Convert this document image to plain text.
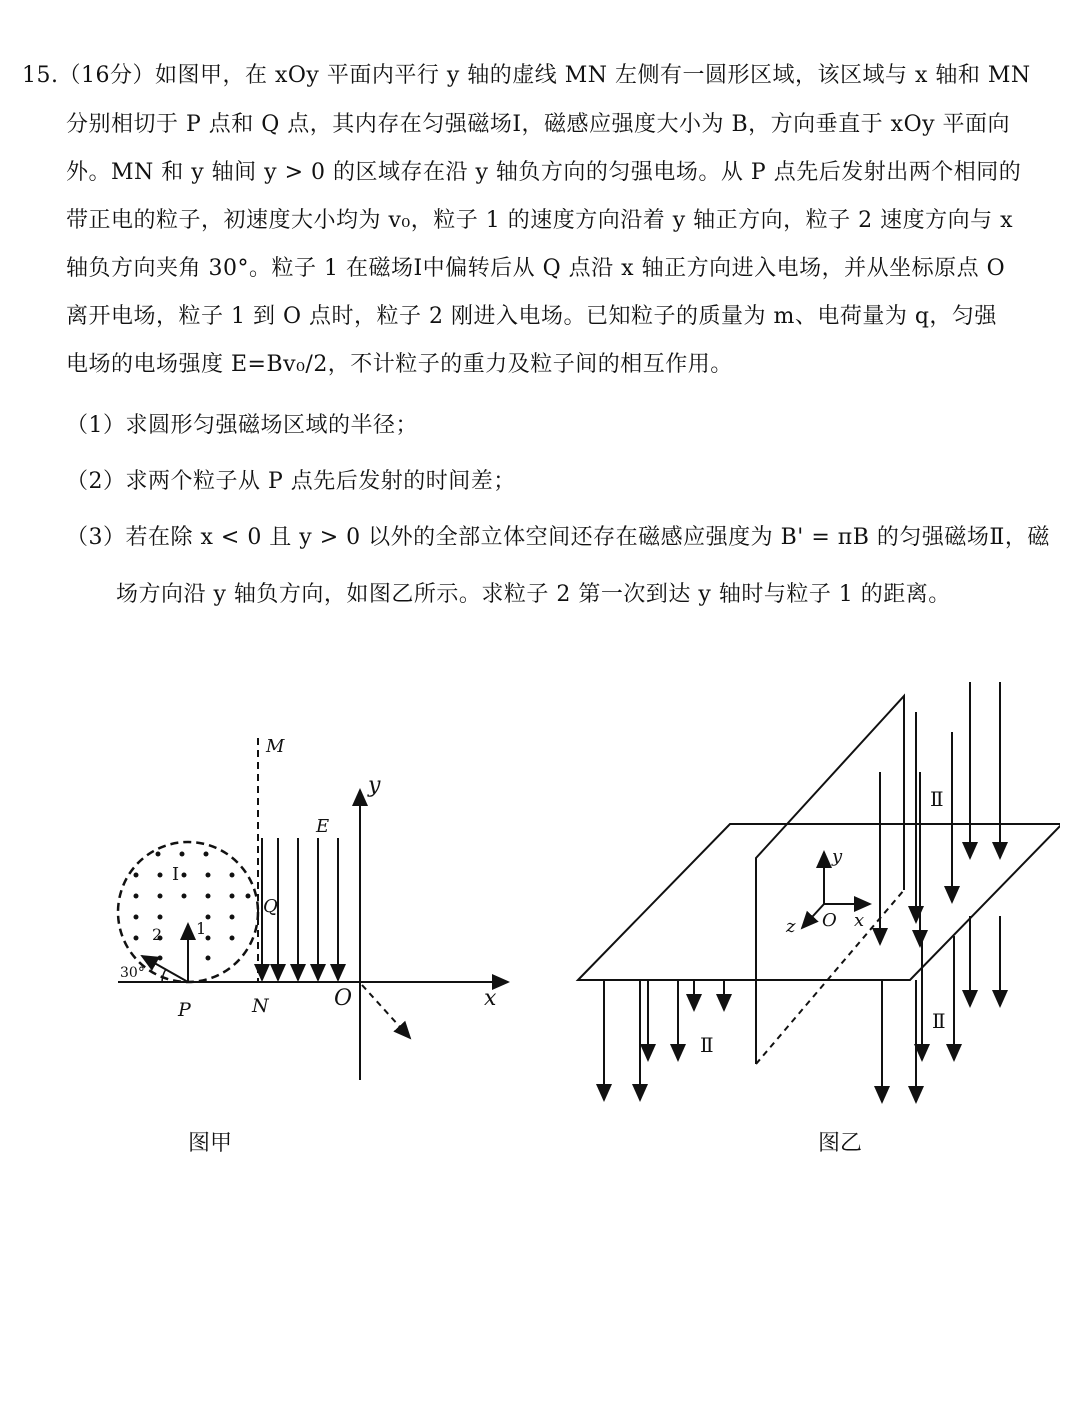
15.（16分）如图甲，在 xOy 平面内平行 y 轴的虚线 MN 左侧有一圆形区域，该区域与 x 轴和 MN
分别相切于 P 点和 Q 点，其内存在匀强磁场Ⅰ，磁感应强度大小为 B，方向垂直于 xOy 平面向
外。MN 和 y 轴间 y > 0 的区域存在沿 y 轴负方向的匀强电场。从 P 点先后发射出两个相同的
带正电的粒子，初速度大小均为 v₀，粒子 1 的速度方向沿着 y 轴正方向，粒子 2 速度方向与 x
轴负方向夹角 30°。粒子 1 在磁场Ⅰ中偏转后从 Q 点沿 x 轴正方向进入电场，并从坐标原点 O
离开电场，粒子 1 到 O 点时，粒子 2 刚进入电场。已知粒子的质量为 m、电荷量为 q，匀强
电场的电场强度 E=Bv₀/2，不计粒子的重力及粒子间的相互作用。
（1）求圆形匀强磁场区域的半径；
（2）求两个粒子从 P 点先后发射的时间差；
（3）若在除 x < 0 且 y > 0 以外的全部立体空间还存在磁感应强度为 B' = πB 的匀强磁场Ⅱ，磁
场方向沿 y 轴负方向，如图乙所示。求粒子 2 第一次到达 y 轴时与粒子 1 的距离。
M
y
E
I
Q
1
2
30°
P	N	O	x
y
x
z O
Ⅱ
Ⅱ
Ⅱ
图甲	图乙
